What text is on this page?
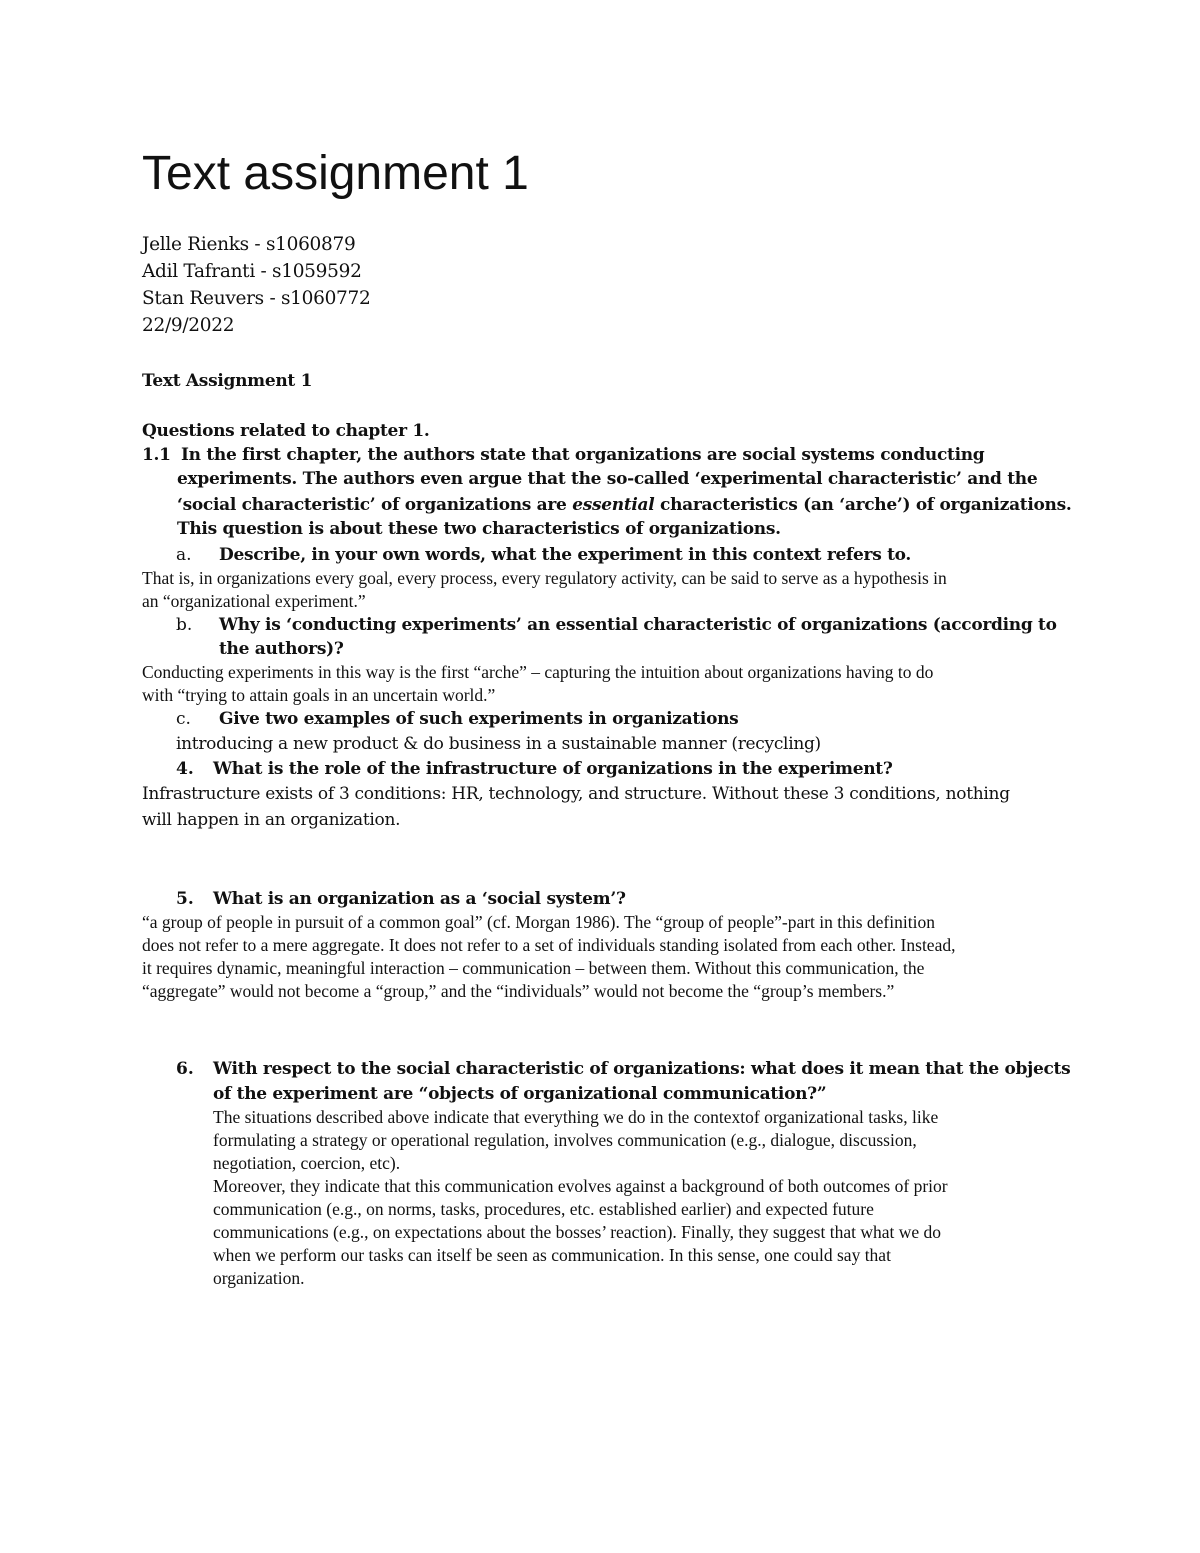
Text assignment 1
Jelle Rienks - s1060879
Adil Tafranti - s1059592
Stan Reuvers - s1060772
22/9/2022
Text Assignment 1
Questions related to chapter 1.
1.1 In the first chapter, the authors state that organizations are social systems conducting
experiments. The authors even argue that the so-called ‘experimental characteristic’ and the
‘social characteristic’ of organizations are essential characteristics (an ‘arche’) of organizations.
This question is about these two characteristics of organizations.
a. Describe, in your own words, what the experiment in this context refers to.
That is, in organizations every goal, every process, every regulatory activity, can be said to serve as a hypothesis in
an “organizational experiment.”
b. Why is ‘conducting experiments’ an essential characteristic of organizations (according to
the authors)?
Conducting experiments in this way is the first “arche” – capturing the intuition about organizations having to do
with “trying to attain goals in an uncertain world.”
c. Give two examples of such experiments in organizations
introducing a new product & do business in a sustainable manner (recycling)
4. What is the role of the infrastructure of organizations in the experiment?
Infrastructure exists of 3 conditions: HR, technology, and structure. Without these 3 conditions, nothing
will happen in an organization.
5. What is an organization as a ‘social system’?
“a group of people in pursuit of a common goal” (cf. Morgan 1986). The “group of people”-part in this definition
does not refer to a mere aggregate. It does not refer to a set of individuals standing isolated from each other. Instead,
it requires dynamic, meaningful interaction – communication – between them. Without this communication, the
“aggregate” would not become a “group,” and the “individuals” would not become the “group’s members.”
6. With respect to the social characteristic of organizations: what does it mean that the objects
of the experiment are “objects of organizational communication?”
The situations described above indicate that everything we do in the contextof organizational tasks, like
formulating a strategy or operational regulation, involves communication (e.g., dialogue, discussion,
negotiation, coercion, etc).
Moreover, they indicate that this communication evolves against a background of both outcomes of prior
communication (e.g., on norms, tasks, procedures, etc. established earlier) and expected future
communications (e.g., on expectations about the bosses’ reaction). Finally, they suggest that what we do
when we perform our tasks can itself be seen as communication. In this sense, one could say that
organization.
